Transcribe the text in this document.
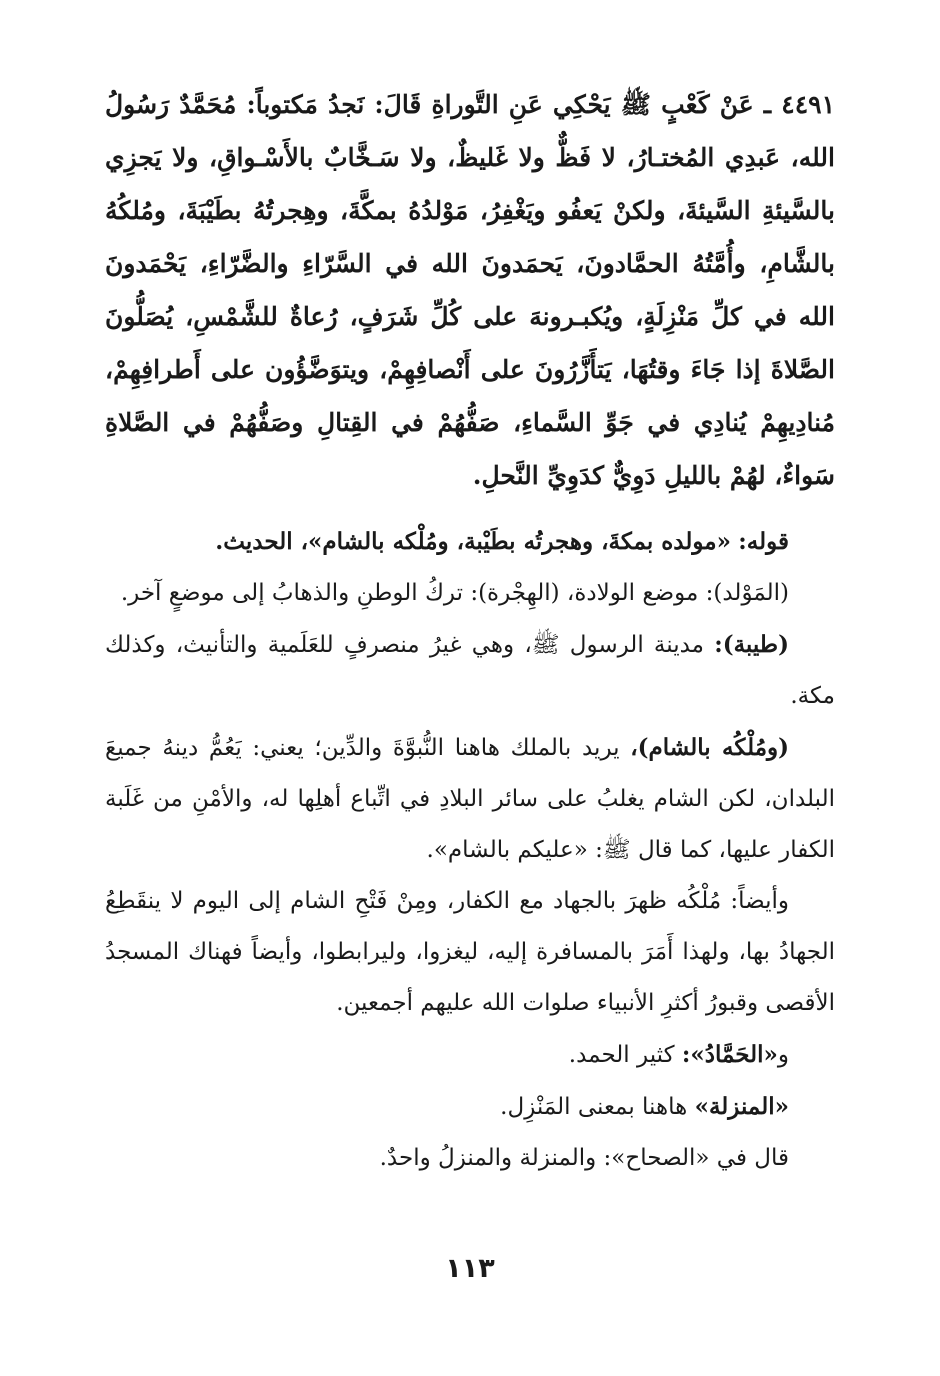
٤٤٩١ ـ عَنْ كَعْبٍ ﷺ يَحْكِي عَنِ التَّوراةِ قَالَ: نَجدُ مَكتوباً: مُحَمَّدٌ رَسُولُ الله، عَبدِي المُختـارُ، لا فَظٌّ ولا غَليظٌ، ولا سَـخَّابٌ بالأَسْـواقِ، ولا يَجزِي بالسَّيئةِ السَّيئةَ، ولكنْ يَعفُو ويَغْفِرُ، مَوْلدُهُ بمكَّةَ، وهِجرتُهُ بطَيْبَةَ، ومُلكُهُ بالشَّامِ، وأُمَّتُهُ الحمَّادونَ، يَحمَدونَ الله في السَّرّاءِ والضَّرّاءِ، يَحْمَدونَ الله في كلِّ مَنْزِلَةٍ، ويُكبـرونهَ على كُلِّ شَرَفٍ، رُعاةٌ للشَّمْسِ، يُصَلُّونَ الصَّلاةَ إذا جَاءَ وقتُهَا، يَتأَزَّرُونَ على أَنْصافِهِمْ، ويتوَضَّؤُون على أَطرافِهِمْ، مُنادِيهِمْ يُنادِي في جَوِّ السَّماءِ، صَفُّهُمْ في القِتالِ وصَفُّهُمْ في الصَّلاةِ سَواءٌ، لهُمْ بالليلِ دَوِيٌّ كدَوِيِّ النَّحلِ.

قوله: «مولده بمكةَ، وهجرتُه بطَيْبة، ومُلْكه بالشام»، الحديث.

(المَوْلد): موضع الولادة، (الهِجْرة): تركُ الوطنِ والذهابُ إلى موضعٍ آخر.

(طيبة): مدينة الرسول ﷺ، وهي غيرُ منصرفٍ للعَلَمية والتأنيث، وكذلك مكة.

(ومُلْكُه بالشام)، يريد بالملك هاهنا النُّبوَّةَ والدِّين؛ يعني: يَعُمُّ دينهُ جميعَ البلدان، لكن الشام يغلبُ على سائر البلادِ في اتِّباع أهلِها له، والأمْنِ من غَلَبة الكفار عليها، كما قال ﷺ: «عليكم بالشام».

وأيضاً: مُلْكُه ظهرَ بالجهاد مع الكفار، ومِنْ فَتْحِ الشام إلى اليوم لا ينقَطِعُ الجهادُ بها، ولهذا أَمَرَ بالمسافرة إليه، ليغزوا، وليرابطوا، وأيضاً فهناك المسجدُ الأقصى وقبورُ أكثرِ الأنبياء صلوات الله عليهم أجمعين.

و«الحَمَّادُ»: كثير الحمد.

«المنزلة» هاهنا بمعنى المَنْزِل.

قال في «الصحاح»: والمنزلة والمنزلُ واحدٌ.

١١٣
